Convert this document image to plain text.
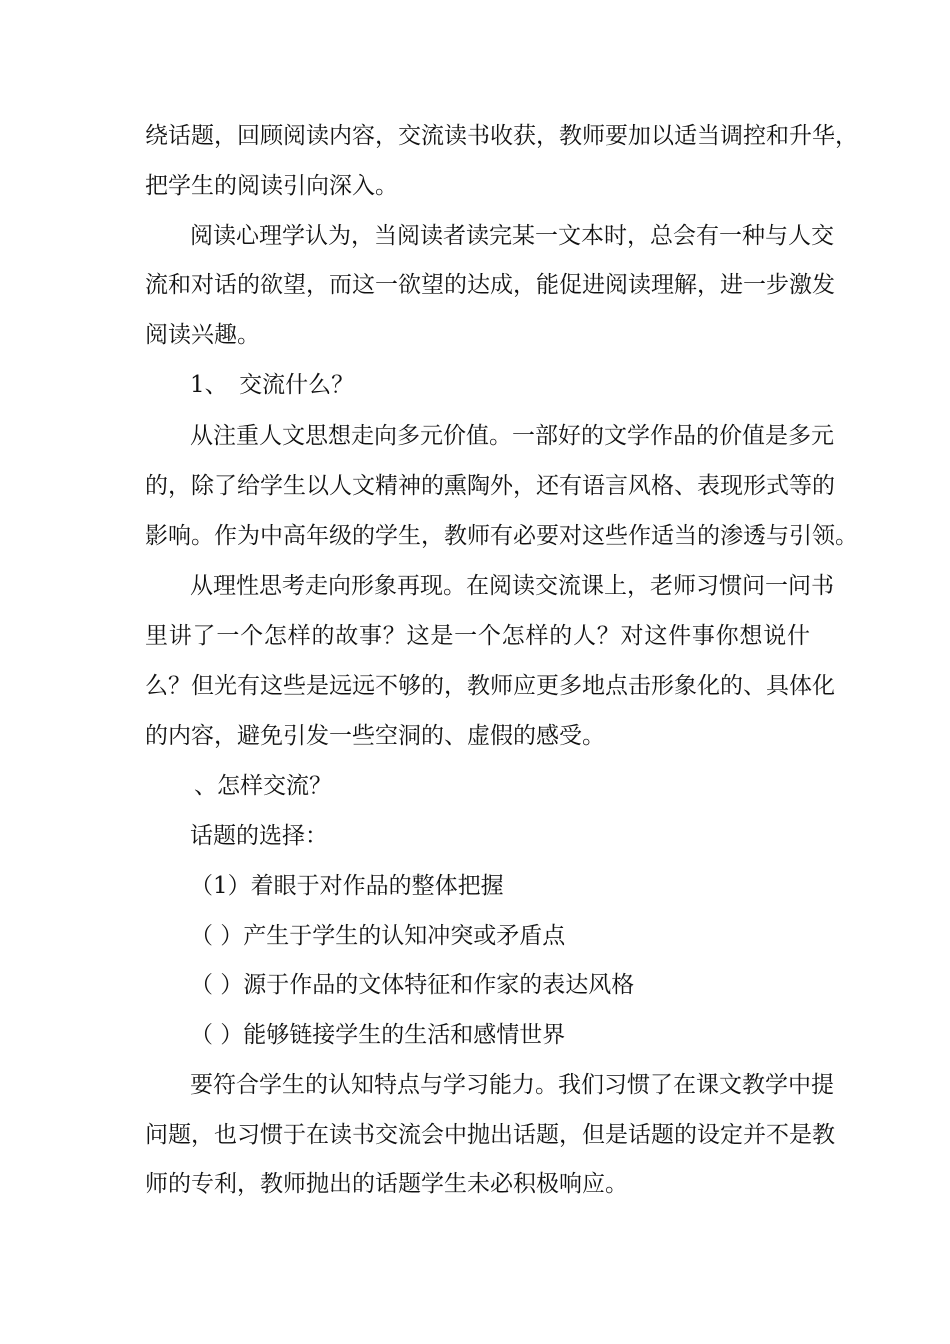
绕话题，回顾阅读内容，交流读书收获，教师要加以适当调控和升华，
把学生的阅读引向深入。
阅读心理学认为，当阅读者读完某一文本时，总会有一种与人交
流和对话的欲望，而这一欲望的达成，能促进阅读理解，进一步激发
阅读兴趣。
1、　交流什么？
从注重人文思想走向多元价值。一部好的文学作品的价值是多元
的，除了给学生以人文精神的熏陶外，还有语言风格、表现形式等的
影响。作为中高年级的学生，教师有必要对这些作适当的渗透与引领。
从理性思考走向形象再现。在阅读交流课上，老师习惯问一问书
里讲了一个怎样的故事？这是一个怎样的人？对这件事你想说什
么？但光有这些是远远不够的，教师应更多地点击形象化的、具体化
的内容，避免引发一些空洞的、虚假的感受。
、怎样交流？
话题的选择：
（1）着眼于对作品的整体把握
（ ）产生于学生的认知冲突或矛盾点
（ ）源于作品的文体特征和作家的表达风格
（ ）能够链接学生的生活和感情世界
要符合学生的认知特点与学习能力。我们习惯了在课文教学中提
问题，也习惯于在读书交流会中抛出话题，但是话题的设定并不是教
师的专利，教师抛出的话题学生未必积极响应。
